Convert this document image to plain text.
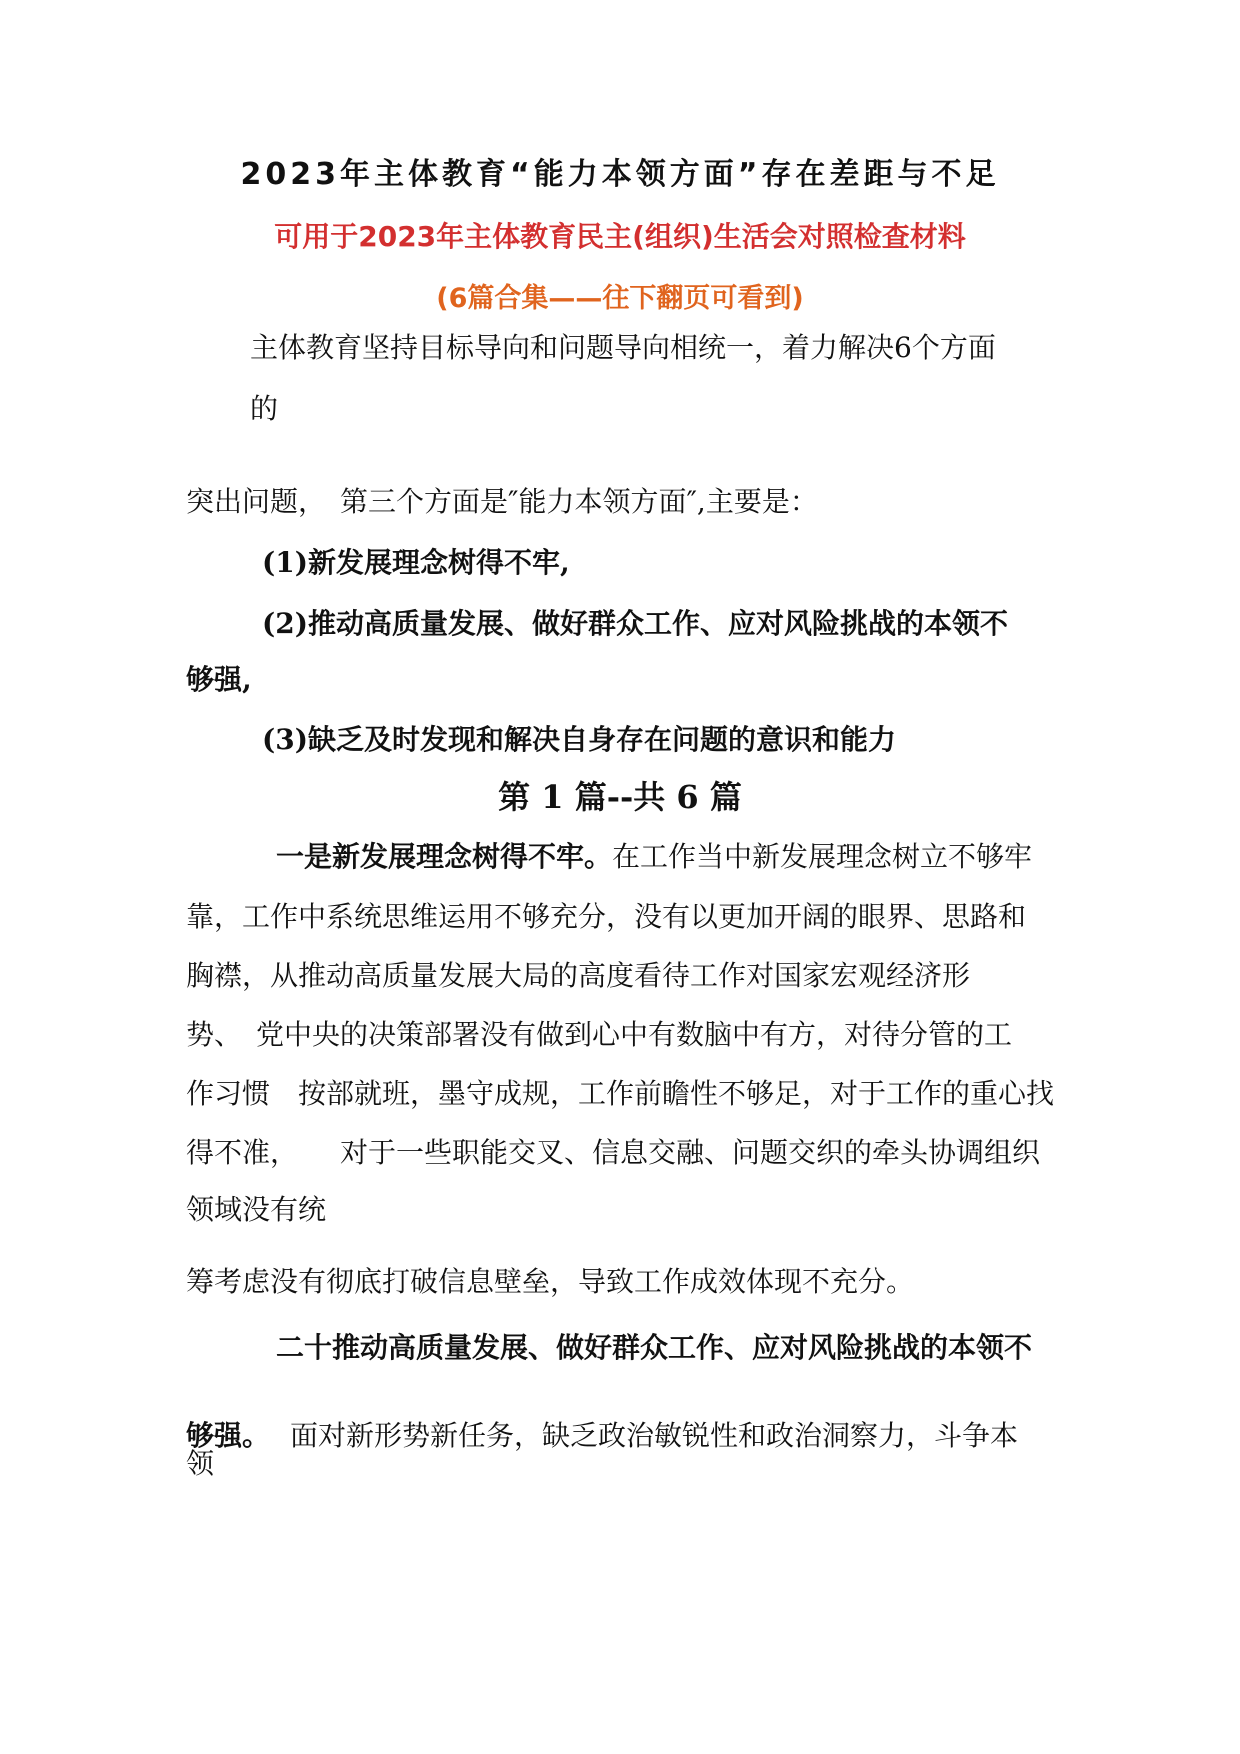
2023年主体教育“能力本领方面”存在差距与不足
可用于2023年主体教育民主(组织)生活会对照检查材料
(6篇合集——往下翻页可看到)
主体教育坚持目标导向和问题导向相统一，着力解决6个方面
的
突出问题，　第三个方面是″能力本领方面″,主要是：
(1)新发展理念树得不牢,
(2)推动高质量发展、做好群众工作、应对风险挑战的本领不
够强,
(3)缺乏及时发现和解决自身存在问题的意识和能力
第 1 篇--共 6 篇
一是新发展理念树得不牢。在工作当中新发展理念树立不够牢
靠，工作中系统思维运用不够充分，没有以更加开阔的眼界、思路和
胸襟，从推动高质量发展大局的高度看待工作对国家宏观经济形
势、　党中央的决策部署没有做到心中有数脑中有方，对待分管的工
作习惯　按部就班，墨守成规，工作前瞻性不够足，对于工作的重心找
得不准，　　对于一些职能交叉、信息交融、问题交织的牵头协调组织
领域没有统
筹考虑没有彻底打破信息壁垒，导致工作成效体现不充分。
二十推动高质量发展、做好群众工作、应对风险挑战的本领不
够强。 面对新形势新任务，缺乏政治敏锐性和政治洞察力，斗争本
领
